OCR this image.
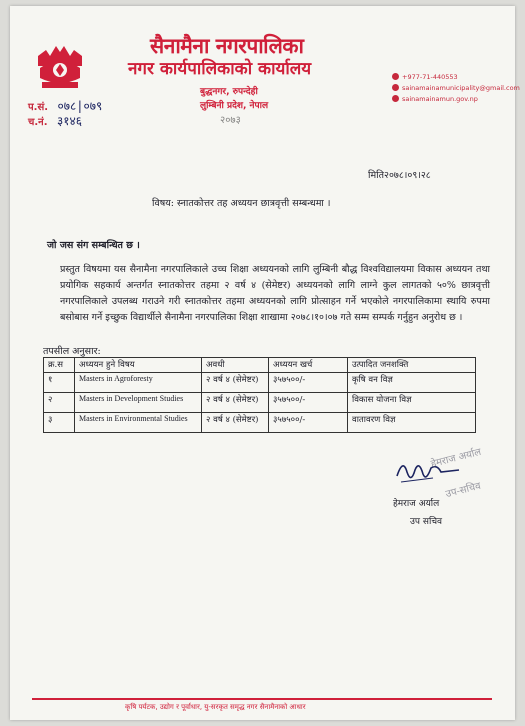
सैनामैना नगरपालिका
नगर कार्यपालिकाको कार्यालय
बुद्धनगर, रुपन्देही
लुम्बिनी प्रदेश, नेपाल
२०७३
+977-71-440553
sainamainamunicipality@gmail.com
sainamainamun.gov.np
प.सं. ०७८|०७९
च.नं. ३१४६
मिति२०७८।०९।२८
विषय: स्नातकोत्तर तह अध्ययन छात्रवृत्ती सम्बन्धमा ।
जो जस संग सम्बन्धित छ ।
प्रस्तुत विषयमा यस सैनामैना नगरपालिकाले उच्च शिक्षा अध्ययनको लागि लुम्बिनी बौद्ध विश्वविद्यालयमा विकास अध्ययन तथा प्रयोगिक सहकार्य अन्तर्गत स्नातकोत्तर तहमा २ वर्ष ४ (सेमेष्टर) अध्ययनको लागि लाग्ने कुल लागतको ५०% छात्रवृत्ती नगरपालिकाले उपलब्ध गराउने गरी स्नातकोत्तर तहमा अध्ययनको लागि प्रोत्साहन गर्ने भएकोले नगरपालिकामा स्थायि रुपमा बसोबास गर्ने इच्छुक विद्यार्थीले सैनामैना नगरपालिका शिक्षा शाखामा २०७८।१०।०७ गते सम्म सम्पर्क गर्नुहुन अनुरोध छ ।
तपसील अनुसार:
क्र.स	अध्ययन हुने विषय	अवधी	अध्ययन खर्च	उत्पादित जनशक्ति
१	Masters in Agroforesty	२ वर्ष ४ (सेमेष्टर)	३५७५००/-	कृषि वन विज्ञ
२	Masters in Development Studies	२ वर्ष ४ (सेमेष्टर)	३५७५००/-	विकास योजना विज्ञ
३	Masters in Environmental Studies	२ वर्ष ४ (सेमेष्टर)	३५७५००/-	वातावरण विज्ञ
हेमराज अर्याल
उप-सचिव
हेमराज अर्याल
उप सचिव
कृषि पर्यटक, उद्योग र पूर्वाधार, यु-सरकृत समृद्ध नगर सैनामैनाको आधार
